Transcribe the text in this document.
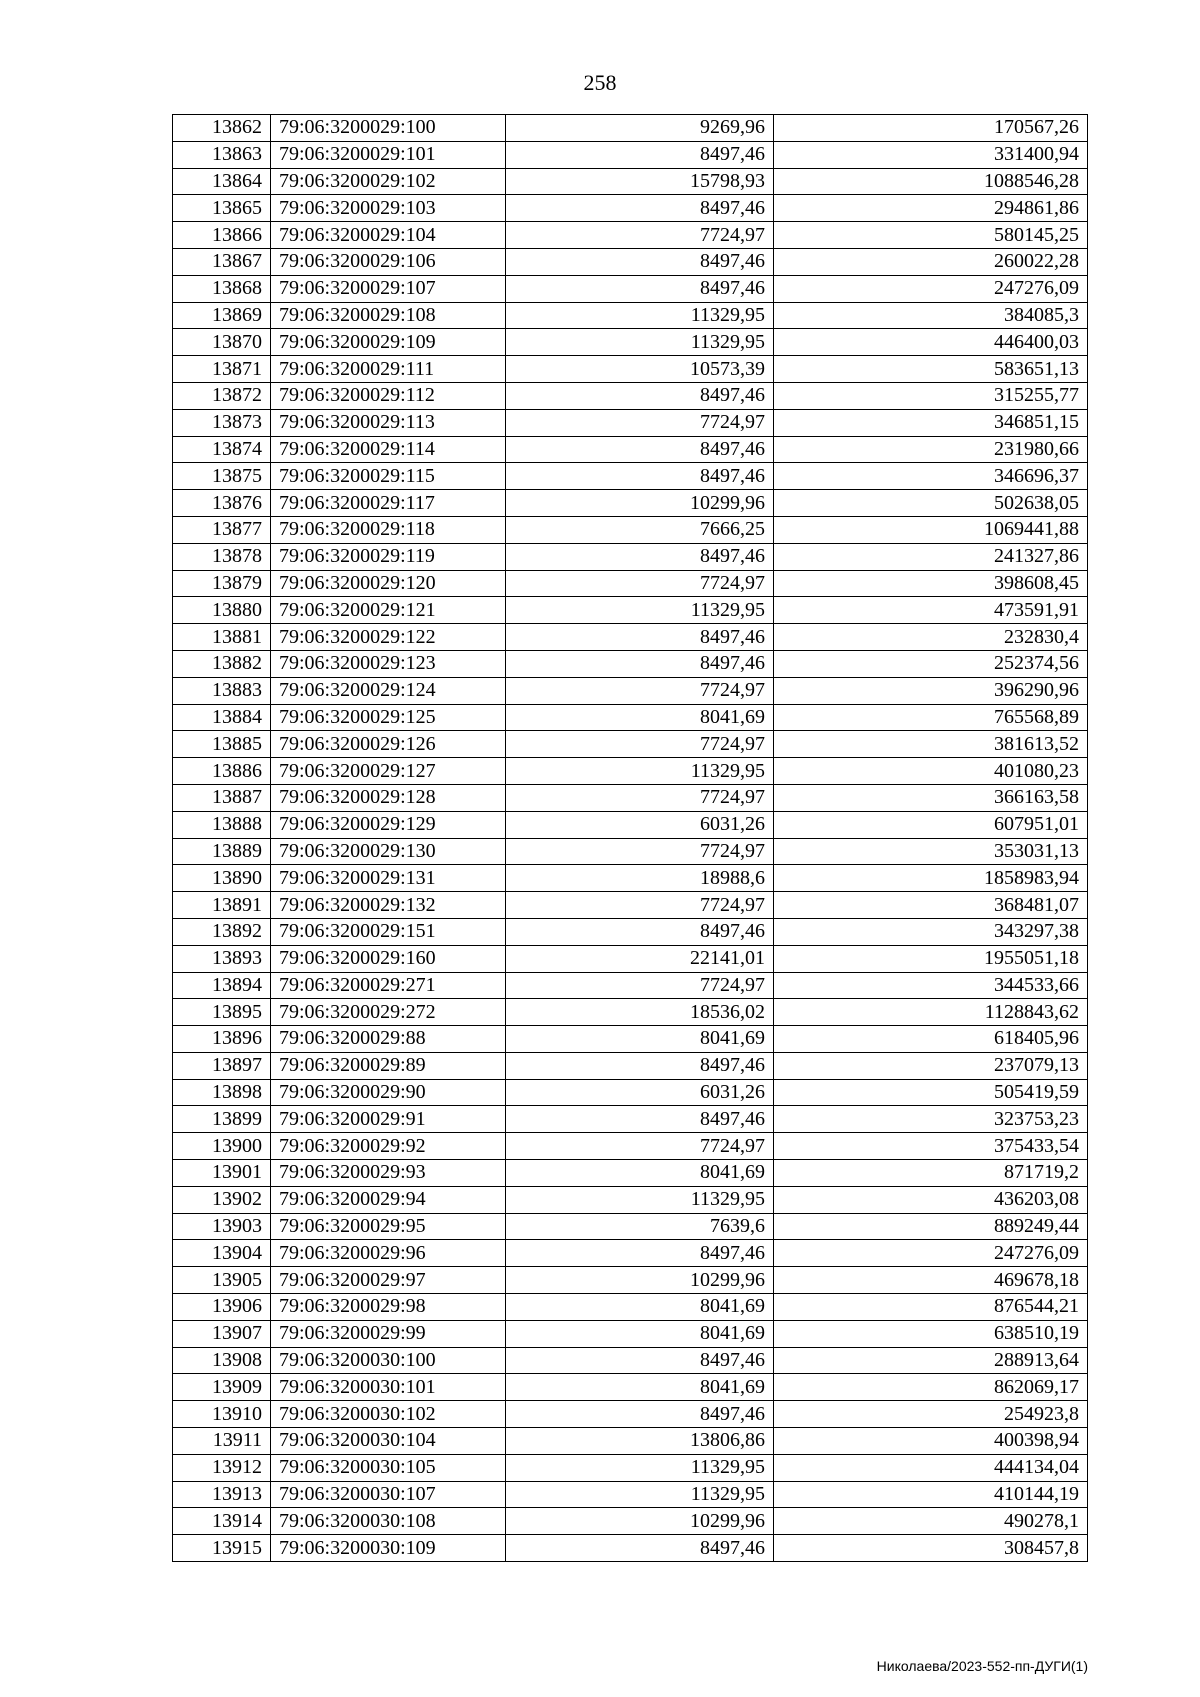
258
13862	79:06:3200029:100	9269,96	170567,26
13863	79:06:3200029:101	8497,46	331400,94
13864	79:06:3200029:102	15798,93	1088546,28
13865	79:06:3200029:103	8497,46	294861,86
13866	79:06:3200029:104	7724,97	580145,25
13867	79:06:3200029:106	8497,46	260022,28
13868	79:06:3200029:107	8497,46	247276,09
13869	79:06:3200029:108	11329,95	384085,3
13870	79:06:3200029:109	11329,95	446400,03
13871	79:06:3200029:111	10573,39	583651,13
13872	79:06:3200029:112	8497,46	315255,77
13873	79:06:3200029:113	7724,97	346851,15
13874	79:06:3200029:114	8497,46	231980,66
13875	79:06:3200029:115	8497,46	346696,37
13876	79:06:3200029:117	10299,96	502638,05
13877	79:06:3200029:118	7666,25	1069441,88
13878	79:06:3200029:119	8497,46	241327,86
13879	79:06:3200029:120	7724,97	398608,45
13880	79:06:3200029:121	11329,95	473591,91
13881	79:06:3200029:122	8497,46	232830,4
13882	79:06:3200029:123	8497,46	252374,56
13883	79:06:3200029:124	7724,97	396290,96
13884	79:06:3200029:125	8041,69	765568,89
13885	79:06:3200029:126	7724,97	381613,52
13886	79:06:3200029:127	11329,95	401080,23
13887	79:06:3200029:128	7724,97	366163,58
13888	79:06:3200029:129	6031,26	607951,01
13889	79:06:3200029:130	7724,97	353031,13
13890	79:06:3200029:131	18988,6	1858983,94
13891	79:06:3200029:132	7724,97	368481,07
13892	79:06:3200029:151	8497,46	343297,38
13893	79:06:3200029:160	22141,01	1955051,18
13894	79:06:3200029:271	7724,97	344533,66
13895	79:06:3200029:272	18536,02	1128843,62
13896	79:06:3200029:88	8041,69	618405,96
13897	79:06:3200029:89	8497,46	237079,13
13898	79:06:3200029:90	6031,26	505419,59
13899	79:06:3200029:91	8497,46	323753,23
13900	79:06:3200029:92	7724,97	375433,54
13901	79:06:3200029:93	8041,69	871719,2
13902	79:06:3200029:94	11329,95	436203,08
13903	79:06:3200029:95	7639,6	889249,44
13904	79:06:3200029:96	8497,46	247276,09
13905	79:06:3200029:97	10299,96	469678,18
13906	79:06:3200029:98	8041,69	876544,21
13907	79:06:3200029:99	8041,69	638510,19
13908	79:06:3200030:100	8497,46	288913,64
13909	79:06:3200030:101	8041,69	862069,17
13910	79:06:3200030:102	8497,46	254923,8
13911	79:06:3200030:104	13806,86	400398,94
13912	79:06:3200030:105	11329,95	444134,04
13913	79:06:3200030:107	11329,95	410144,19
13914	79:06:3200030:108	10299,96	490278,1
13915	79:06:3200030:109	8497,46	308457,8
Николаева/2023-552-пп-ДУГИ(1)
